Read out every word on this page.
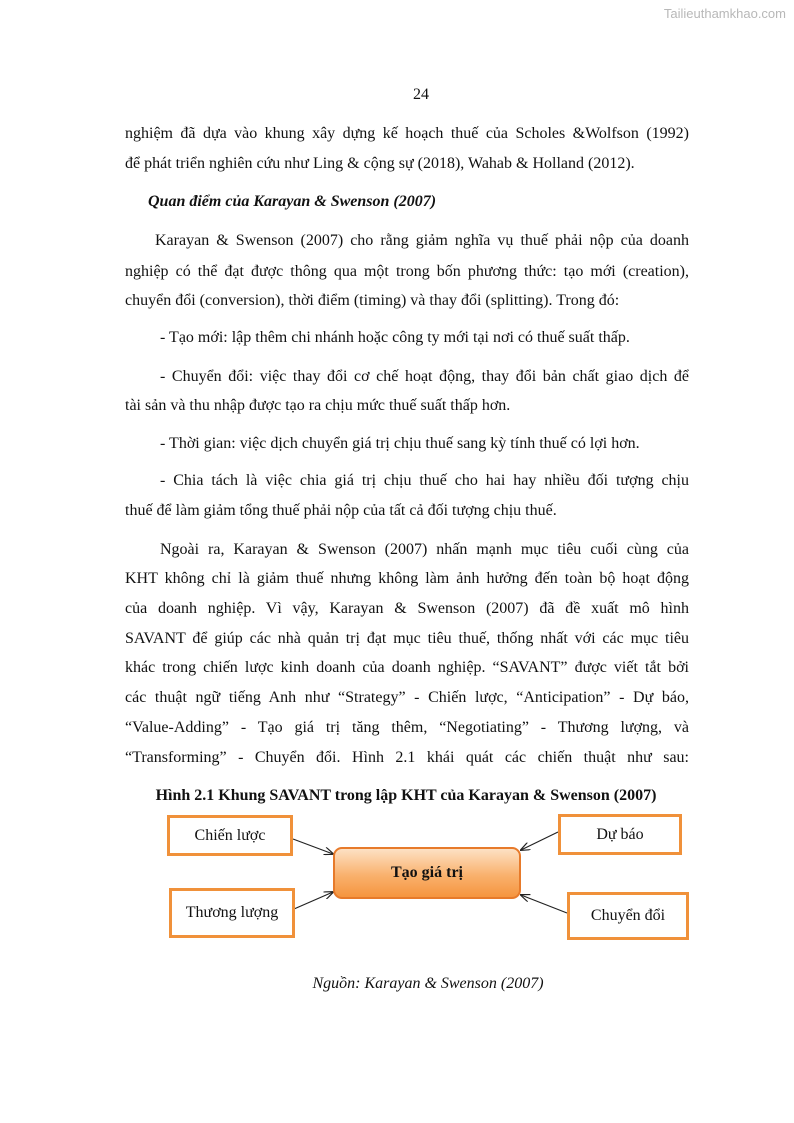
Tailieuthamkhao.com
24
nghiệm đã dựa vào khung xây dựng kế hoạch thuế của Scholes &Wolfson (1992)
để phát triển nghiên cứu như Ling & cộng sự (2018), Wahab & Holland (2012).
Quan điểm của Karayan & Swenson (2007)
Karayan & Swenson (2007) cho rằng giảm nghĩa vụ thuế phải nộp của doanh
nghiệp có thể đạt được thông qua một trong bốn phương thức: tạo mới (creation),
chuyển đổi (conversion), thời điểm (timing) và thay đổi (splitting). Trong đó:
- Tạo mới: lập thêm chi nhánh hoặc công ty mới tại nơi có thuế suất thấp.
- Chuyển đổi: việc thay đổi cơ chế hoạt động, thay đổi bản chất giao dịch để
tài sản và thu nhập được tạo ra chịu mức thuế suất thấp hơn.
- Thời gian: việc dịch chuyển giá trị chịu thuế sang kỳ tính thuế có lợi hơn.
- Chia tách là việc chia giá trị chịu thuế cho hai hay nhiều đối tượng chịu
thuế để làm giảm tổng thuế phải nộp của tất cả đối tượng chịu thuế.
Ngoài ra, Karayan & Swenson (2007) nhấn mạnh mục tiêu cuối cùng của
KHT không chỉ là giảm thuế nhưng không làm ảnh hưởng đến toàn bộ hoạt động
của doanh nghiệp. Vì vậy, Karayan & Swenson (2007) đã đề xuất mô hình
SAVANT để giúp các nhà quản trị đạt mục tiêu thuế, thống nhất với các mục tiêu
khác trong chiến lược kinh doanh của doanh nghiệp. “SAVANT” được viết tắt bởi
các thuật ngữ tiếng Anh như “Strategy” - Chiến lược, “Anticipation” - Dự báo,
“Value-Adding” - Tạo giá trị tăng thêm, “Negotiating” - Thương lượng, và
“Transforming” - Chuyển đổi. Hình 2.1 khái quát các chiến thuật như sau:
Hình 2.1 Khung SAVANT trong lập KHT của Karayan & Swenson (2007)
Chiến lược	Dự báo
Thương lượng	Chuyển đổi
Tạo giá trị
Nguồn: Karayan & Swenson (2007)
